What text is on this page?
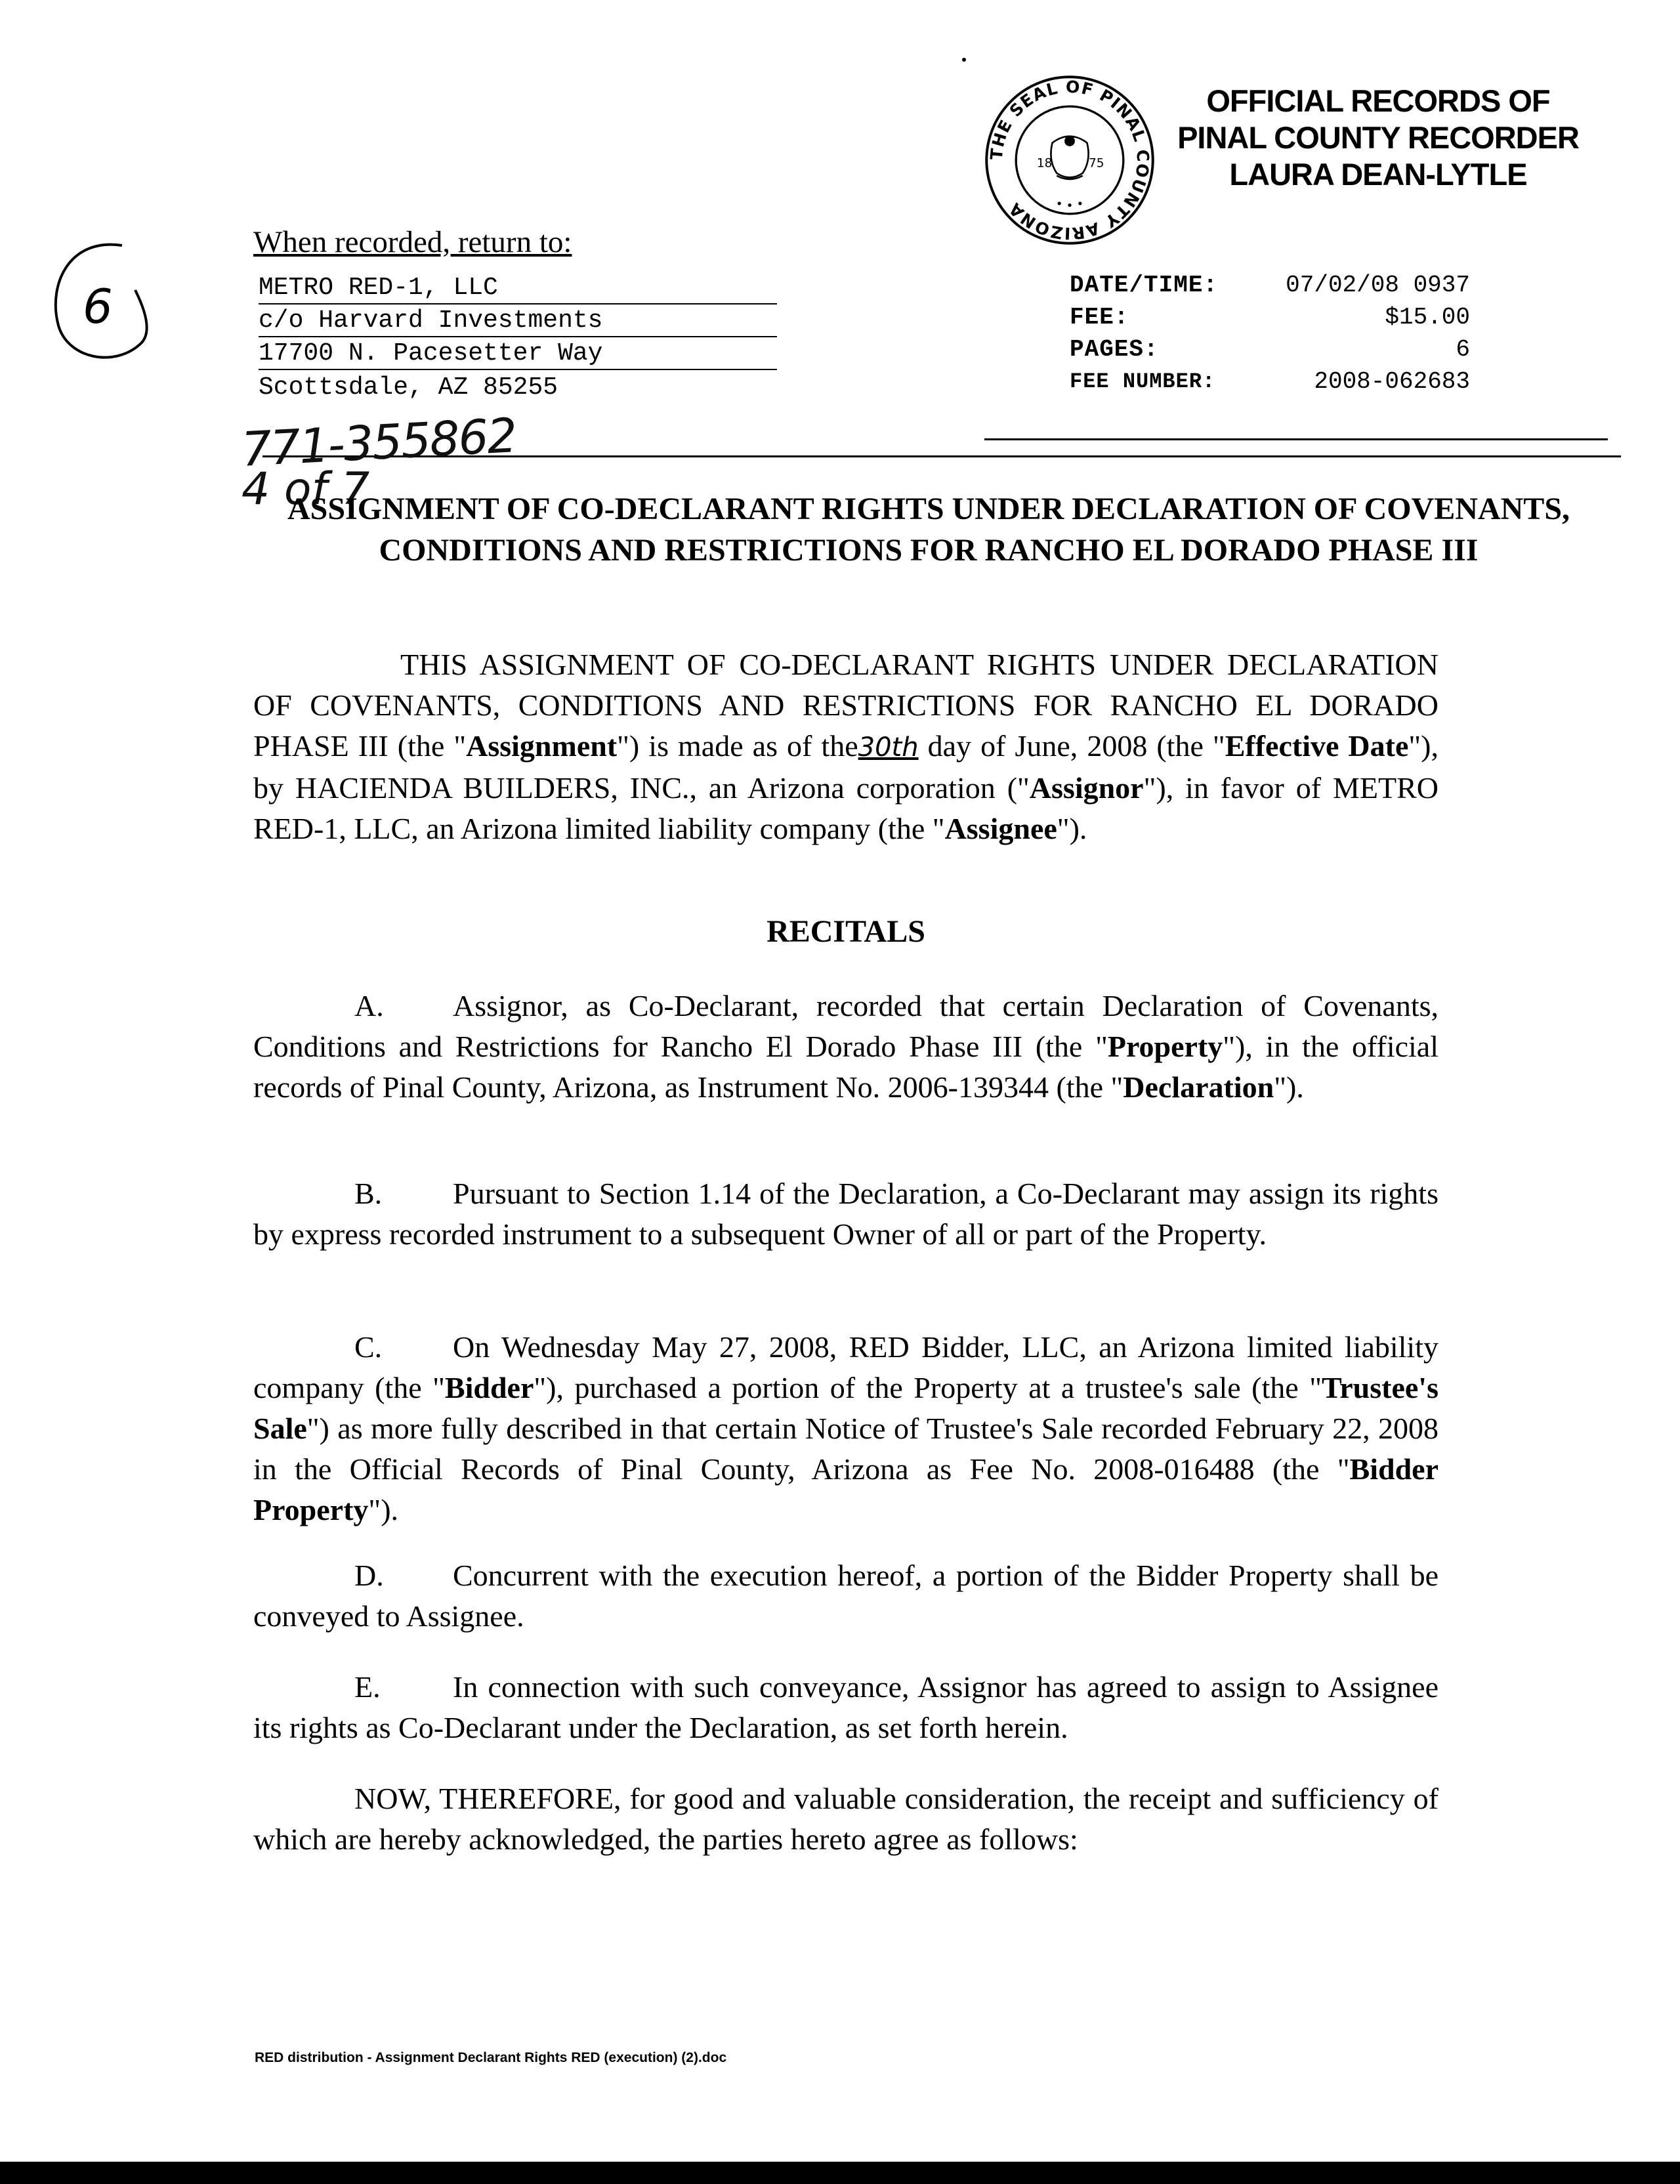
THE SEAL OF PINAL COUNTY ARIZONA
18	75
OFFICIAL RECORDS OF
PINAL COUNTY RECORDER
LAURA DEAN-LYTLE
6
When recorded, return to:
METRO RED-1, LLC
c/o Harvard Investments
17700 N. Pacesetter Way
Scottsdale, AZ 85255
DATE/TIME:	07/02/08 0937
FEE:	$15.00
PAGES:	6
FEE NUMBER:	2008-062683
771-355862
4 of 7
ASSIGNMENT OF CO-DECLARANT RIGHTS UNDER DECLARATION OF COVENANTS, CONDITIONS AND RESTRICTIONS FOR RANCHO EL DORADO PHASE III
THIS ASSIGNMENT OF CO-DECLARANT RIGHTS UNDER DECLARATION OF COVENANTS, CONDITIONS AND RESTRICTIONS FOR RANCHO EL DORADO PHASE III (the "Assignment") is made as of the30th day of June, 2008 (the "Effective Date"), by HACIENDA BUILDERS, INC., an Arizona corporation ("Assignor"), in favor of METRO RED-1, LLC, an Arizona limited liability company (the "Assignee").
RECITALS
A. Assignor, as Co-Declarant, recorded that certain Declaration of Covenants, Conditions and Restrictions for Rancho El Dorado Phase III (the "Property"), in the official records of Pinal County, Arizona, as Instrument No. 2006-139344 (the "Declaration").
B. Pursuant to Section 1.14 of the Declaration, a Co-Declarant may assign its rights by express recorded instrument to a subsequent Owner of all or part of the Property.
C. On Wednesday May 27, 2008, RED Bidder, LLC, an Arizona limited liability company (the "Bidder"), purchased a portion of the Property at a trustee's sale (the "Trustee's Sale") as more fully described in that certain Notice of Trustee's Sale recorded February 22, 2008 in the Official Records of Pinal County, Arizona as Fee No. 2008-016488 (the "Bidder Property").
D. Concurrent with the execution hereof, a portion of the Bidder Property shall be conveyed to Assignee.
E. In connection with such conveyance, Assignor has agreed to assign to Assignee its rights as Co-Declarant under the Declaration, as set forth herein.
NOW, THEREFORE, for good and valuable consideration, the receipt and sufficiency of which are hereby acknowledged, the parties hereto agree as follows:
RED distribution - Assignment Declarant Rights RED (execution) (2).doc
